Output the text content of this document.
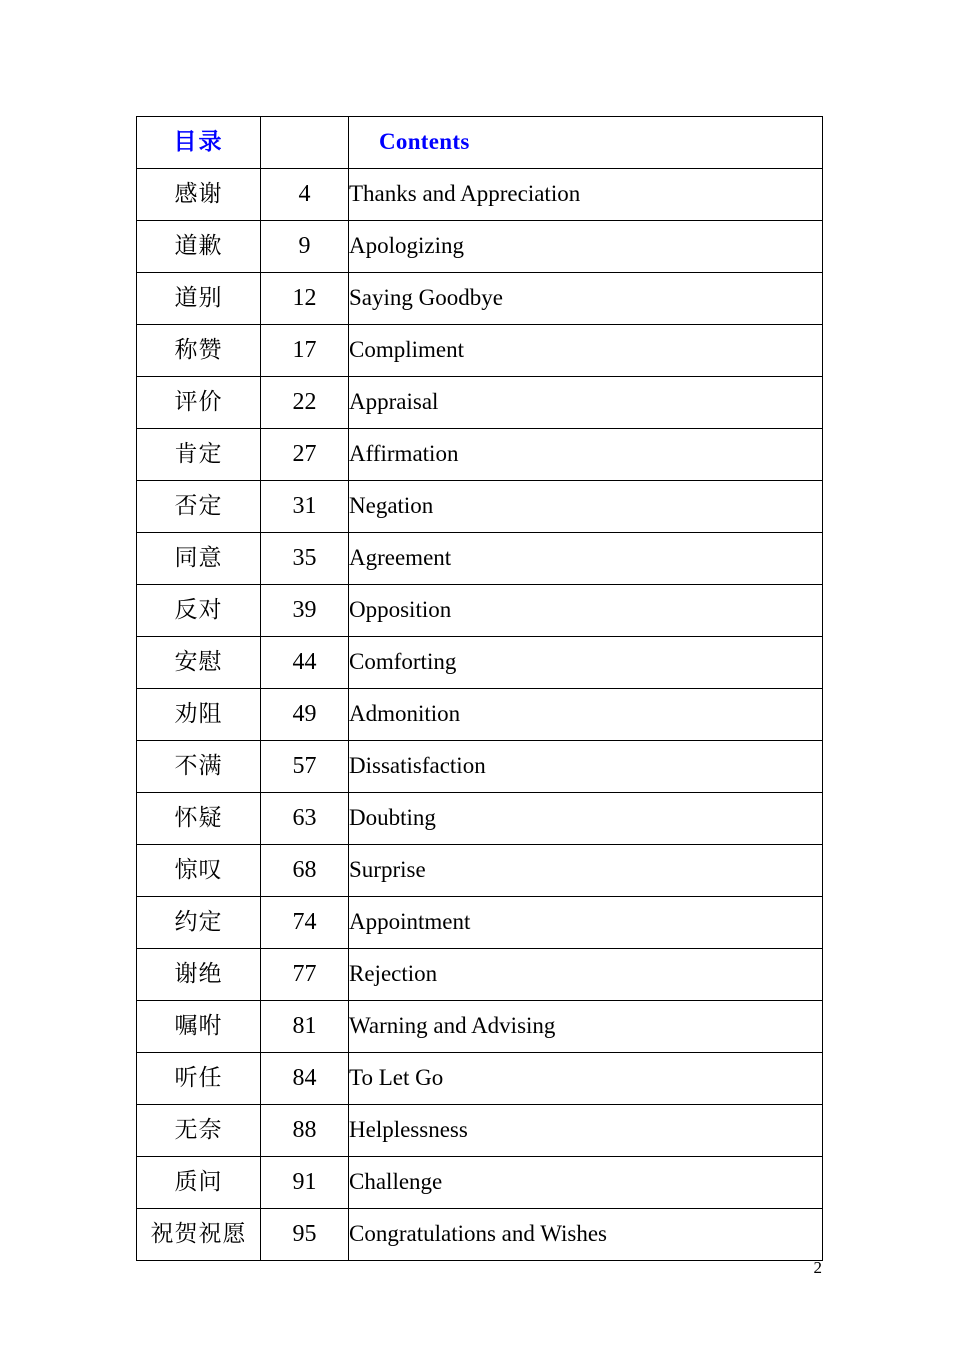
目录		Contents
感谢	4	Thanks and Appreciation
道歉	9	Apologizing
道别	12	Saying Goodbye
称赞	17	Compliment
评价	22	Appraisal
肯定	27	Affirmation
否定	31	Negation
同意	35	Agreement
反对	39	Opposition
安慰	44	Comforting
劝阻	49	Admonition
不满	57	Dissatisfaction
怀疑	63	Doubting
惊叹	68	Surprise
约定	74	Appointment
谢绝	77	Rejection
嘱咐	81	Warning and Advising
听任	84	To Let Go
无奈	88	Helplessness
质问	91	Challenge
祝贺祝愿	95	Congratulations and Wishes
2
